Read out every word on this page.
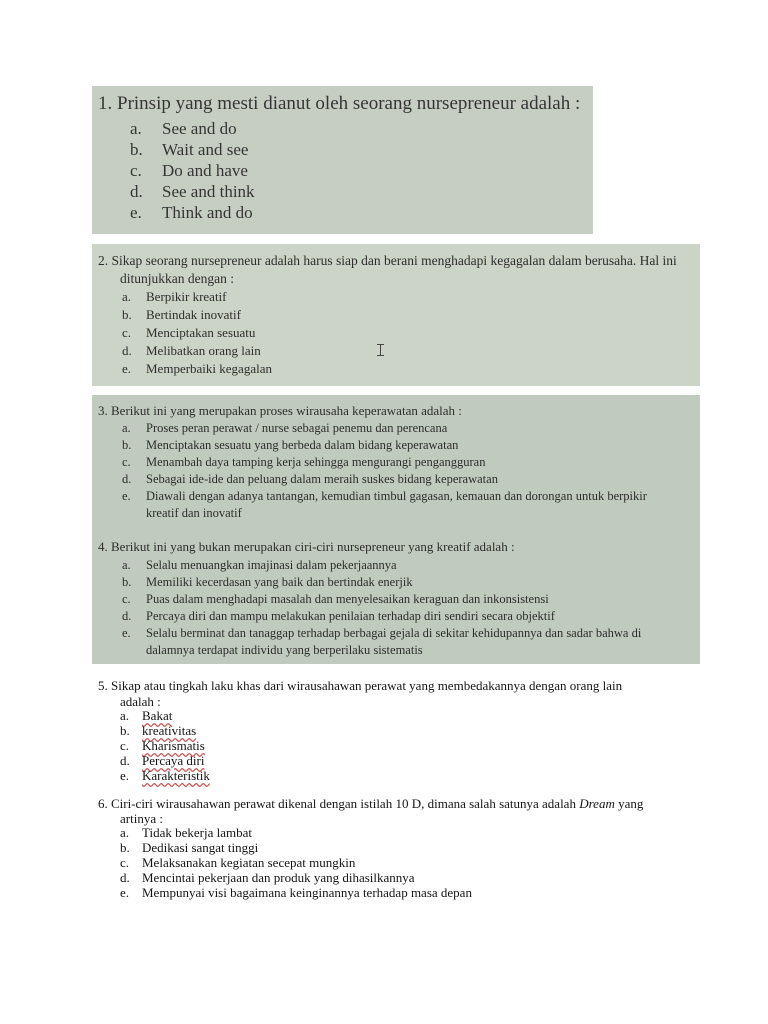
1. Prinsip yang mesti dianut oleh seorang nursepreneur adalah :
a. See and do
b. Wait and see
c. Do and have
d. See and think
e. Think and do
2. Sikap seorang nursepreneur adalah harus siap dan berani menghadapi kegagalan dalam berusaha. Hal ini
ditunjukkan dengan :
a. Berpikir kreatif
b. Bertindak inovatif
c. Menciptakan sesuatu
d. Melibatkan orang lain
e. Memperbaiki kegagalan
3. Berikut ini yang merupakan proses wirausaha keperawatan adalah :
a. Proses peran perawat / nurse sebagai penemu dan perencana
b. Menciptakan sesuatu yang berbeda dalam bidang keperawatan
c. Menambah daya tamping kerja sehingga mengurangi pengangguran
d. Sebagai ide-ide dan peluang dalam meraih suskes bidang keperawatan
e. Diawali dengan adanya tantangan, kemudian timbul gagasan, kemauan dan dorongan untuk berpikir
kreatif dan inovatif
4. Berikut ini yang bukan merupakan ciri-ciri nursepreneur yang kreatif adalah :
a. Selalu menuangkan imajinasi dalam pekerjaannya
b. Memiliki kecerdasan yang baik dan bertindak enerjik
c. Puas dalam menghadapi masalah dan menyelesaikan keraguan dan inkonsistensi
d. Percaya diri dan mampu melakukan penilaian terhadap diri sendiri secara objektif
e. Selalu berminat dan tanaggap terhadap berbagai gejala di sekitar kehidupannya dan sadar bahwa di
dalamnya terdapat individu yang berperilaku sistematis
5. Sikap atau tingkah laku khas dari wirausahawan perawat yang membedakannya dengan orang lain
adalah :
a. Bakat
b. kreativitas
c. Kharismatis
d. Percaya diri
e. Karakteristik
6. Ciri-ciri wirausahawan perawat dikenal dengan istilah 10 D, dimana salah satunya adalah Dream yang
artinya :
a. Tidak bekerja lambat
b. Dedikasi sangat tinggi
c. Melaksanakan kegiatan secepat mungkin
d. Mencintai pekerjaan dan produk yang dihasilkannya
e. Mempunyai visi bagaimana keinginannya terhadap masa depan
